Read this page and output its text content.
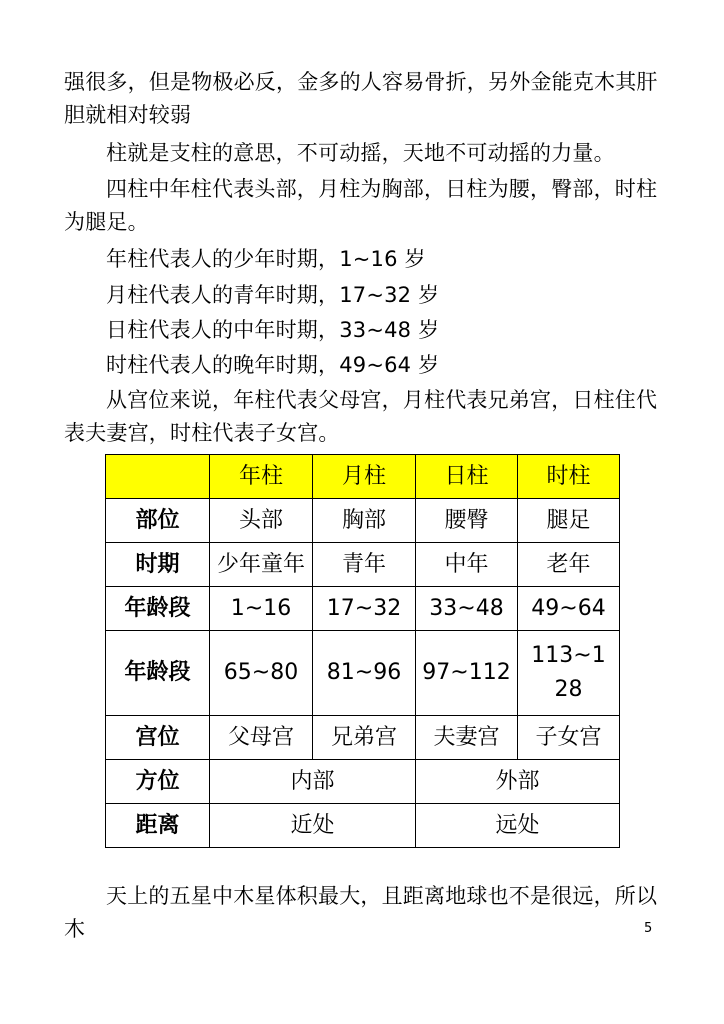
强很多，但是物极必反，金多的人容易骨折，另外金能克木其肝胆就相对较弱

柱就是支柱的意思，不可动摇，天地不可动摇的力量。

四柱中年柱代表头部，月柱为胸部，日柱为腰，臀部，时柱为腿足。

年柱代表人的少年时期，1~16 岁

月柱代表人的青年时期，17~32 岁

日柱代表人的中年时期，33~48 岁

时柱代表人的晚年时期，49~64 岁

从宫位来说，年柱代表父母宫，月柱代表兄弟宫，日柱住代表夫妻宫，时柱代表子女宫。

	年柱	月柱	日柱	时柱
部位	头部	胸部	腰臀	腿足
时期	少年童年	青年	中年	老年
年龄段	1~16	17~32	33~48	49~64
年龄段	65~80	81~96	97~112	113~128

宫位	父母宫	兄弟宫	夫妻宫	子女宫
方位	内部		外部	
距离	近处		远处	

天上的五星中木星体积最大，且距离地球也不是很远，所以木	5
